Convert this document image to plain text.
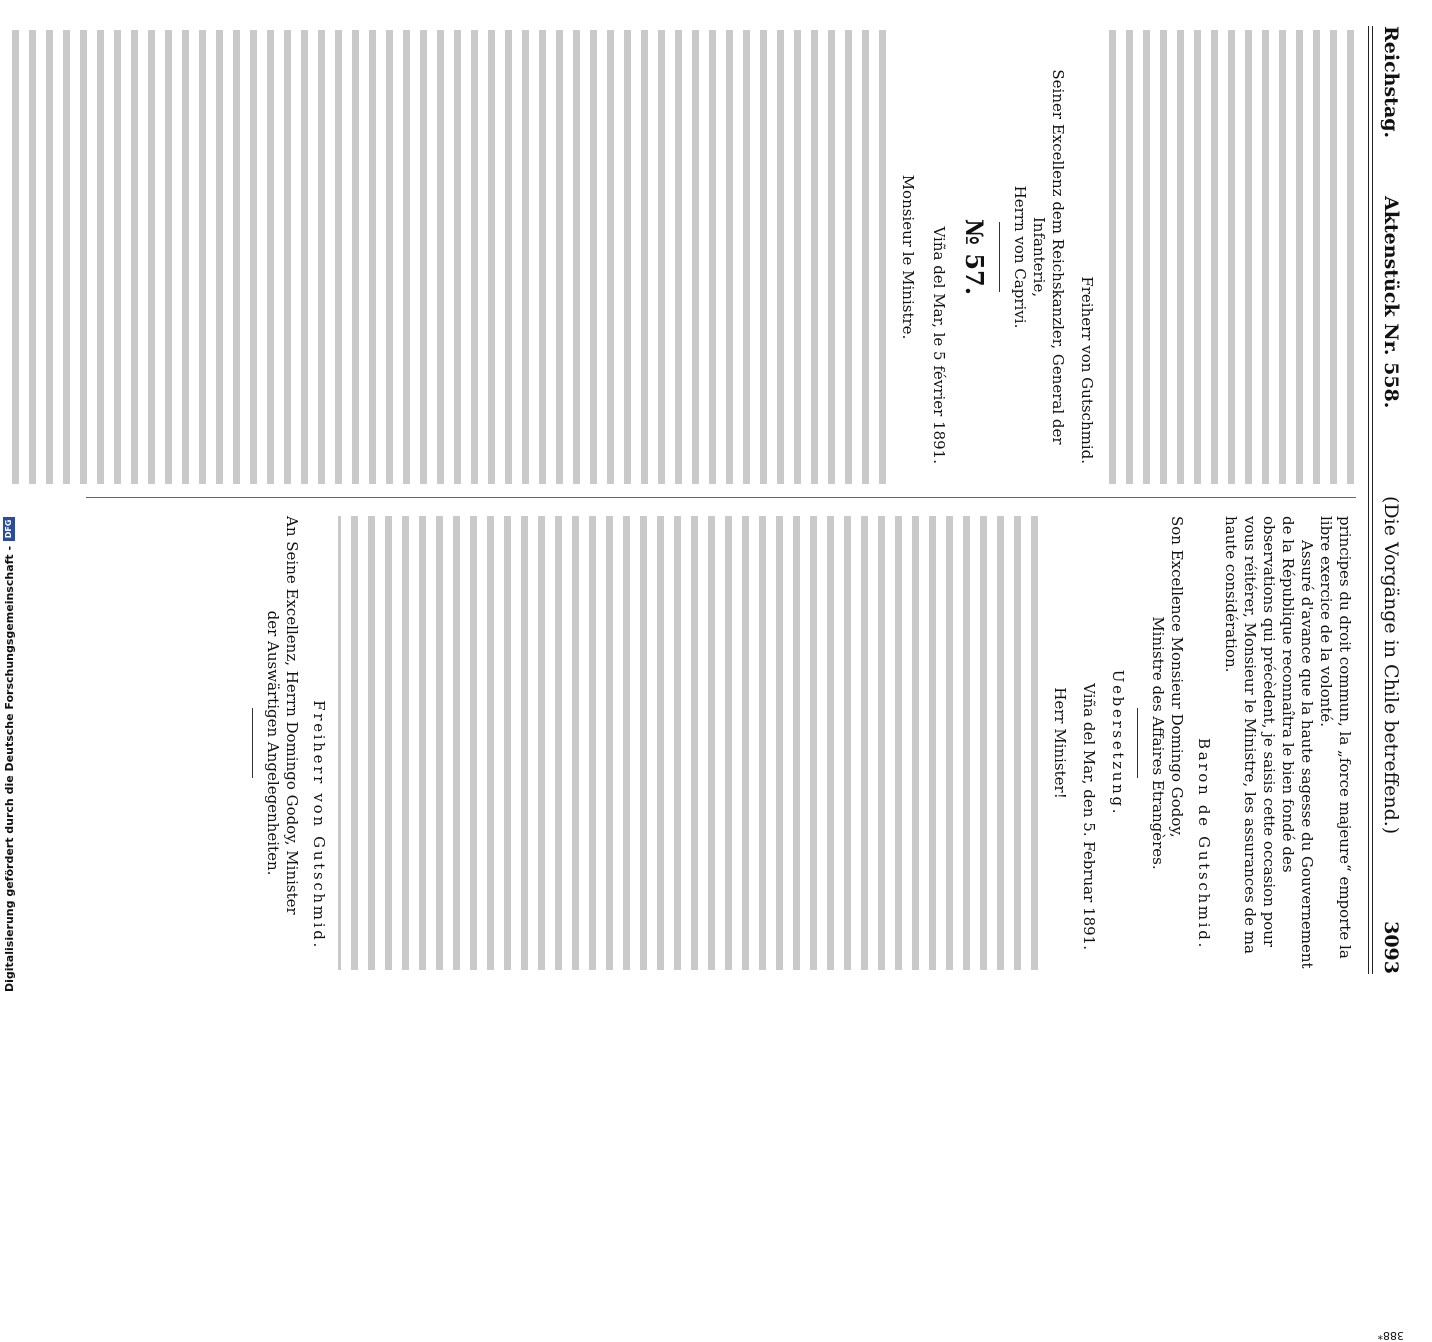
Reichstag.
Aktenstück Nr. 558.
(Die Vorgänge in Chile betreffend.)
3093
Freiherr von Gutschmid.
Seiner Excellenz dem Reichskanzler, General der Infanterie,
Herrn von Caprivi.
№ 57.
Viña del Mar, le 5 février 1891.
Monsieur le Ministre.
principes du droit commun, la „force majeure“ emporte la libre exercice de la volonté.
Assuré d'avance que la haute sagesse du Gouvernement de la République reconnaîtra le bien fondé des observations qui précèdent, je saisis cette occasion pour vous réitérer, Monsieur le Ministre, les assurances de ma haute considération.
Baron de Gutschmid.
Son Excellence Monsieur Domingo Godoy,
Ministre des Affaires Etrangères.
Uebersetzung.
Viña del Mar, den 5. Februar 1891.
Herr Minister!
Freiherr von Gutschmid.
An Seine Excellenz, Herrn Domingo Godoy, Minister
der Auswärtigen Angelegenheiten.
388*
Digitalisierung gefördert durch die Deutsche Forschungsgemeinschaft -
DFG
